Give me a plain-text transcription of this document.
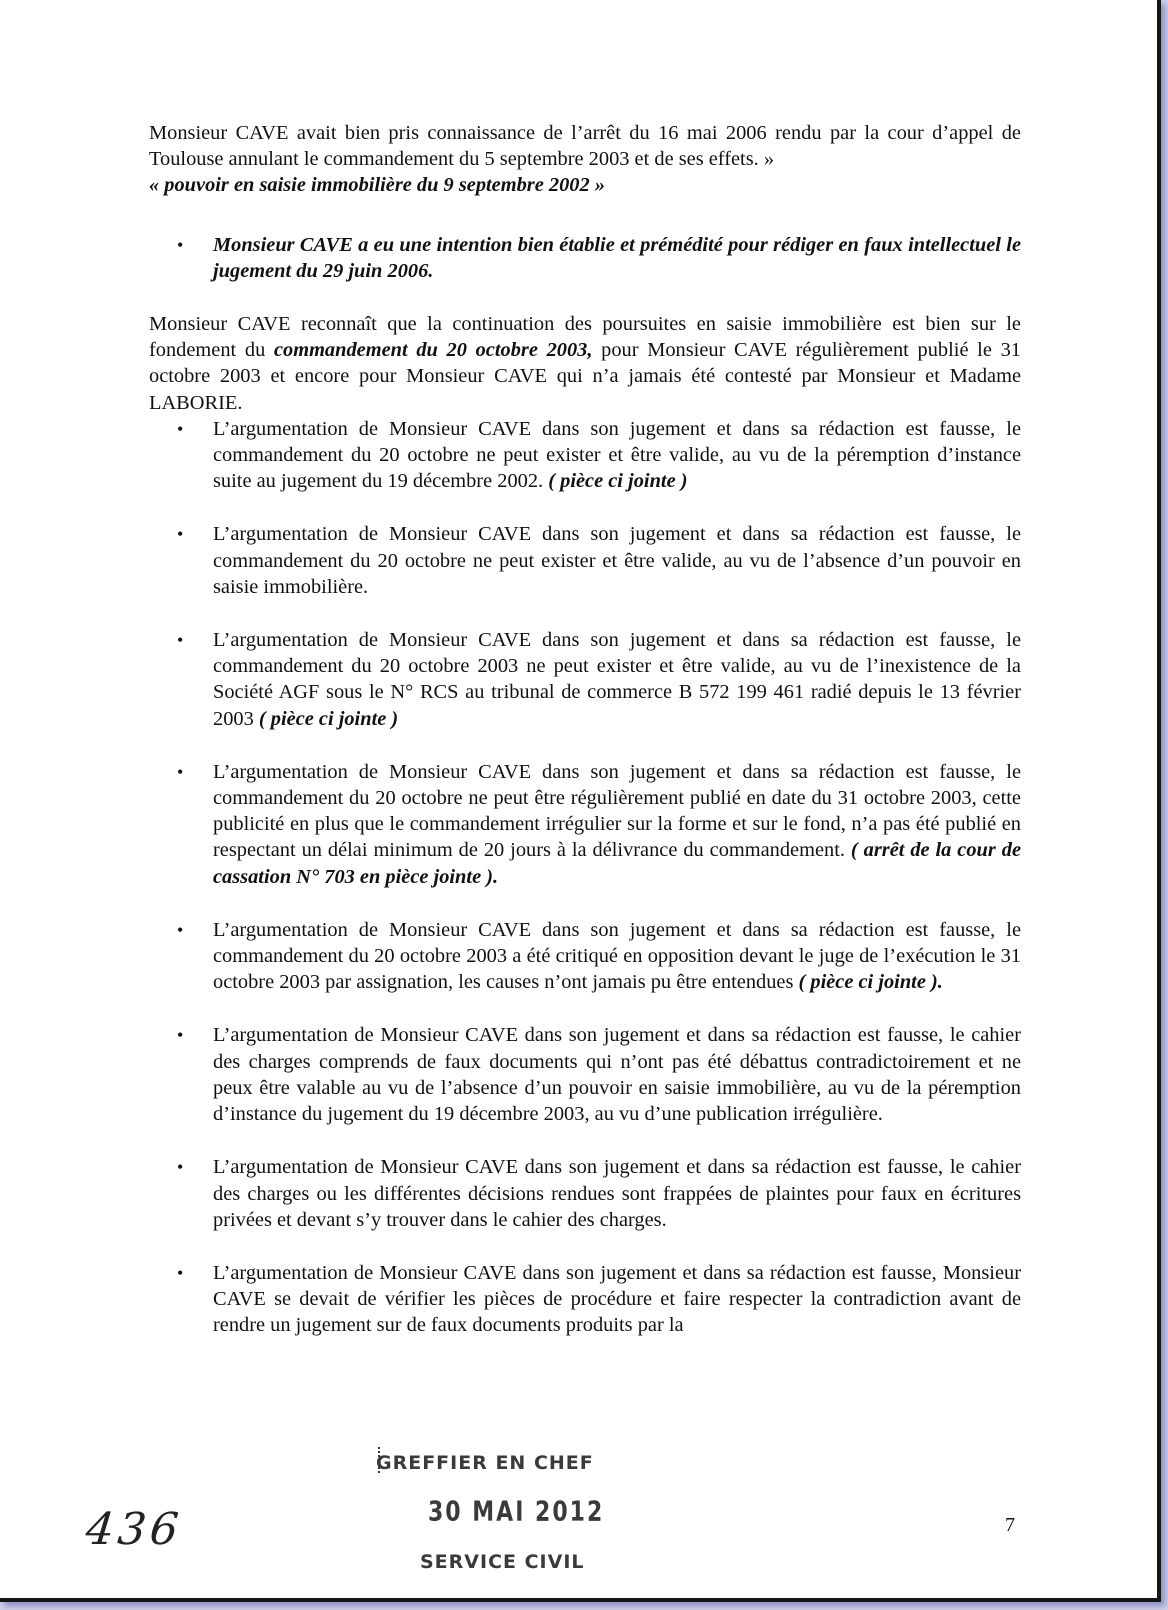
Monsieur CAVE avait bien pris connaissance de l’arrêt du 16 mai 2006 rendu par la cour d’appel de Toulouse annulant le commandement du 5 septembre 2003 et de ses effets. »
« pouvoir en saisie immobilière du 9 septembre 2002 »

• Monsieur CAVE a eu une intention bien établie et prémédité pour rédiger en faux intellectuel le jugement du 29 juin 2006.

Monsieur CAVE reconnaît que la continuation des poursuites en saisie immobilière est bien sur le fondement du commandement du 20 octobre 2003, pour Monsieur CAVE régulièrement publié le 31 octobre 2003 et encore pour Monsieur CAVE qui n’a jamais été contesté par Monsieur et Madame LABORIE.

• L’argumentation de Monsieur CAVE dans son jugement et dans sa rédaction est fausse, le commandement du 20 octobre ne peut exister et être valide, au vu de la péremption d’instance suite au jugement du 19 décembre 2002. ( pièce ci jointe )
• L’argumentation de Monsieur CAVE dans son jugement et dans sa rédaction est fausse, le commandement du 20 octobre ne peut exister et être valide, au vu de l’absence d’un pouvoir en saisie immobilière.
• L’argumentation de Monsieur CAVE dans son jugement et dans sa rédaction est fausse, le commandement du 20 octobre 2003 ne peut exister et être valide, au vu de l’inexistence de la Société AGF sous le N° RCS au tribunal de commerce B 572 199 461 radié depuis le 13 février 2003 ( pièce ci jointe )
• L’argumentation de Monsieur CAVE dans son jugement et dans sa rédaction est fausse, le commandement du 20 octobre ne peut être régulièrement publié en date du 31 octobre 2003, cette publicité en plus que le commandement irrégulier sur la forme et sur le fond, n’a pas été publié en respectant un délai minimum de 20 jours à la délivrance du commandement. ( arrêt de la cour de cassation N° 703 en pièce jointe ).
• L’argumentation de Monsieur CAVE dans son jugement et dans sa rédaction est fausse, le commandement du 20 octobre 2003 a été critiqué en opposition devant le juge de l’exécution le 31 octobre 2003 par assignation, les causes n’ont jamais pu être entendues ( pièce ci jointe ).
• L’argumentation de Monsieur CAVE dans son jugement et dans sa rédaction est fausse, le cahier des charges comprends de faux documents qui n’ont pas été débattus contradictoirement et ne peux être valable au vu de l’absence d’un pouvoir en saisie immobilière, au vu de la péremption d’instance du jugement du 19 décembre 2003, au vu d’une publication irrégulière.
• L’argumentation de Monsieur CAVE dans son jugement et dans sa rédaction est fausse, le cahier des charges ou les différentes décisions rendues sont frappées de plaintes pour faux en écritures privées et devant s’y trouver dans le cahier des charges.
• L’argumentation de Monsieur CAVE dans son jugement et dans sa rédaction est fausse, Monsieur CAVE se devait de vérifier les pièces de procédure et faire respecter la contradiction avant de rendre un jugement sur de faux documents produits par la
GREFFIER EN CHEF
30 MAI 2012
SERVICE CIVIL
436	7
